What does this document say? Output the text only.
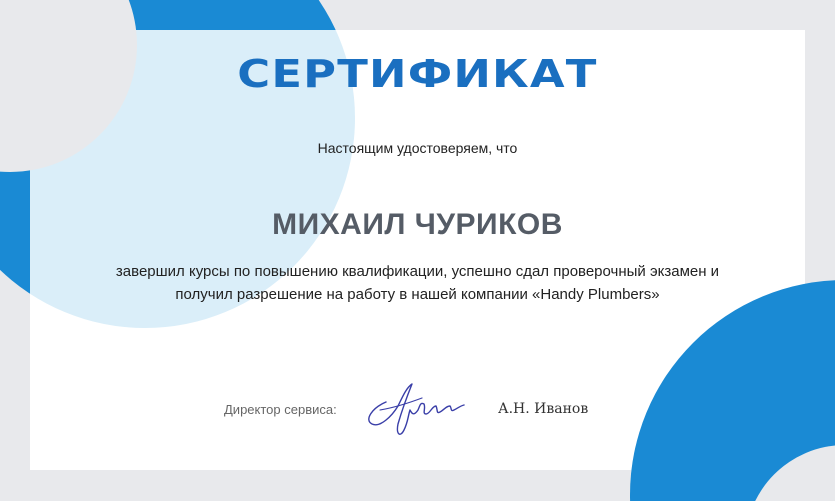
СЕРТИФИКАТ
Настоящим удостоверяем, что
МИХАИЛ ЧУРИКОВ
завершил курсы по повышению квалификации, успешно сдал проверочный экзамен и получил разрешение на работу в нашей компании «Handy Plumbers»
Директор сервиса:	А.Н. Иванов
